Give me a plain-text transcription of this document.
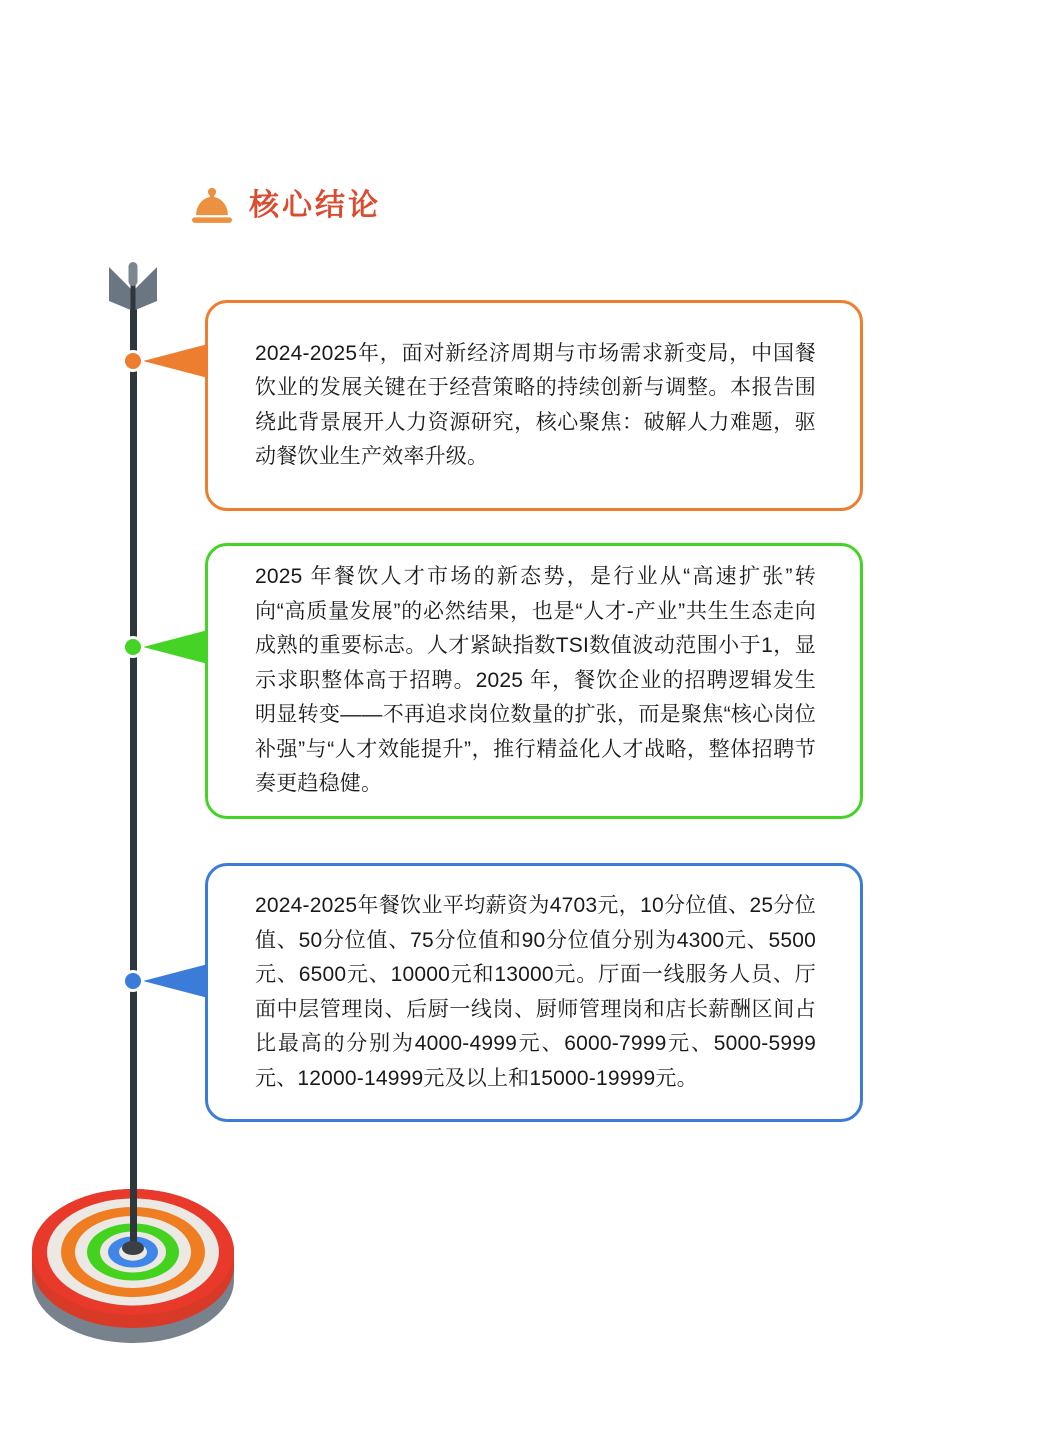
核心结论

2024-2025年，面对新经济周期与市场需求新变局，中国餐饮业的发展关键在于经营策略的持续创新与调整。本报告围绕此背景展开人力资源研究，核心聚焦：破解人力难题，驱动餐饮业生产效率升级。

2025 年餐饮人才市场的新态势，是行业从“高速扩张”转向“高质量发展”的必然结果，也是“人才-产业”共生生态走向成熟的重要标志。人才紧缺指数TSI数值波动范围小于1，显示求职整体高于招聘。2025 年，餐饮企业的招聘逻辑发生明显转变——不再追求岗位数量的扩张，而是聚焦“核心岗位补强”与“人才效能提升”，推行精益化人才战略，整体招聘节奏更趋稳健。

2024-2025年餐饮业平均薪资为4703元，10分位值、25分位值、50分位值、75分位值和90分位值分别为4300元、5500元、6500元、10000元和13000元。厅面一线服务人员、厅面中层管理岗、后厨一线岗、厨师管理岗和店长薪酬区间占比最高的分别为4000-4999元、6000-7999元、5000-5999元、12000-14999元及以上和15000-19999元。
